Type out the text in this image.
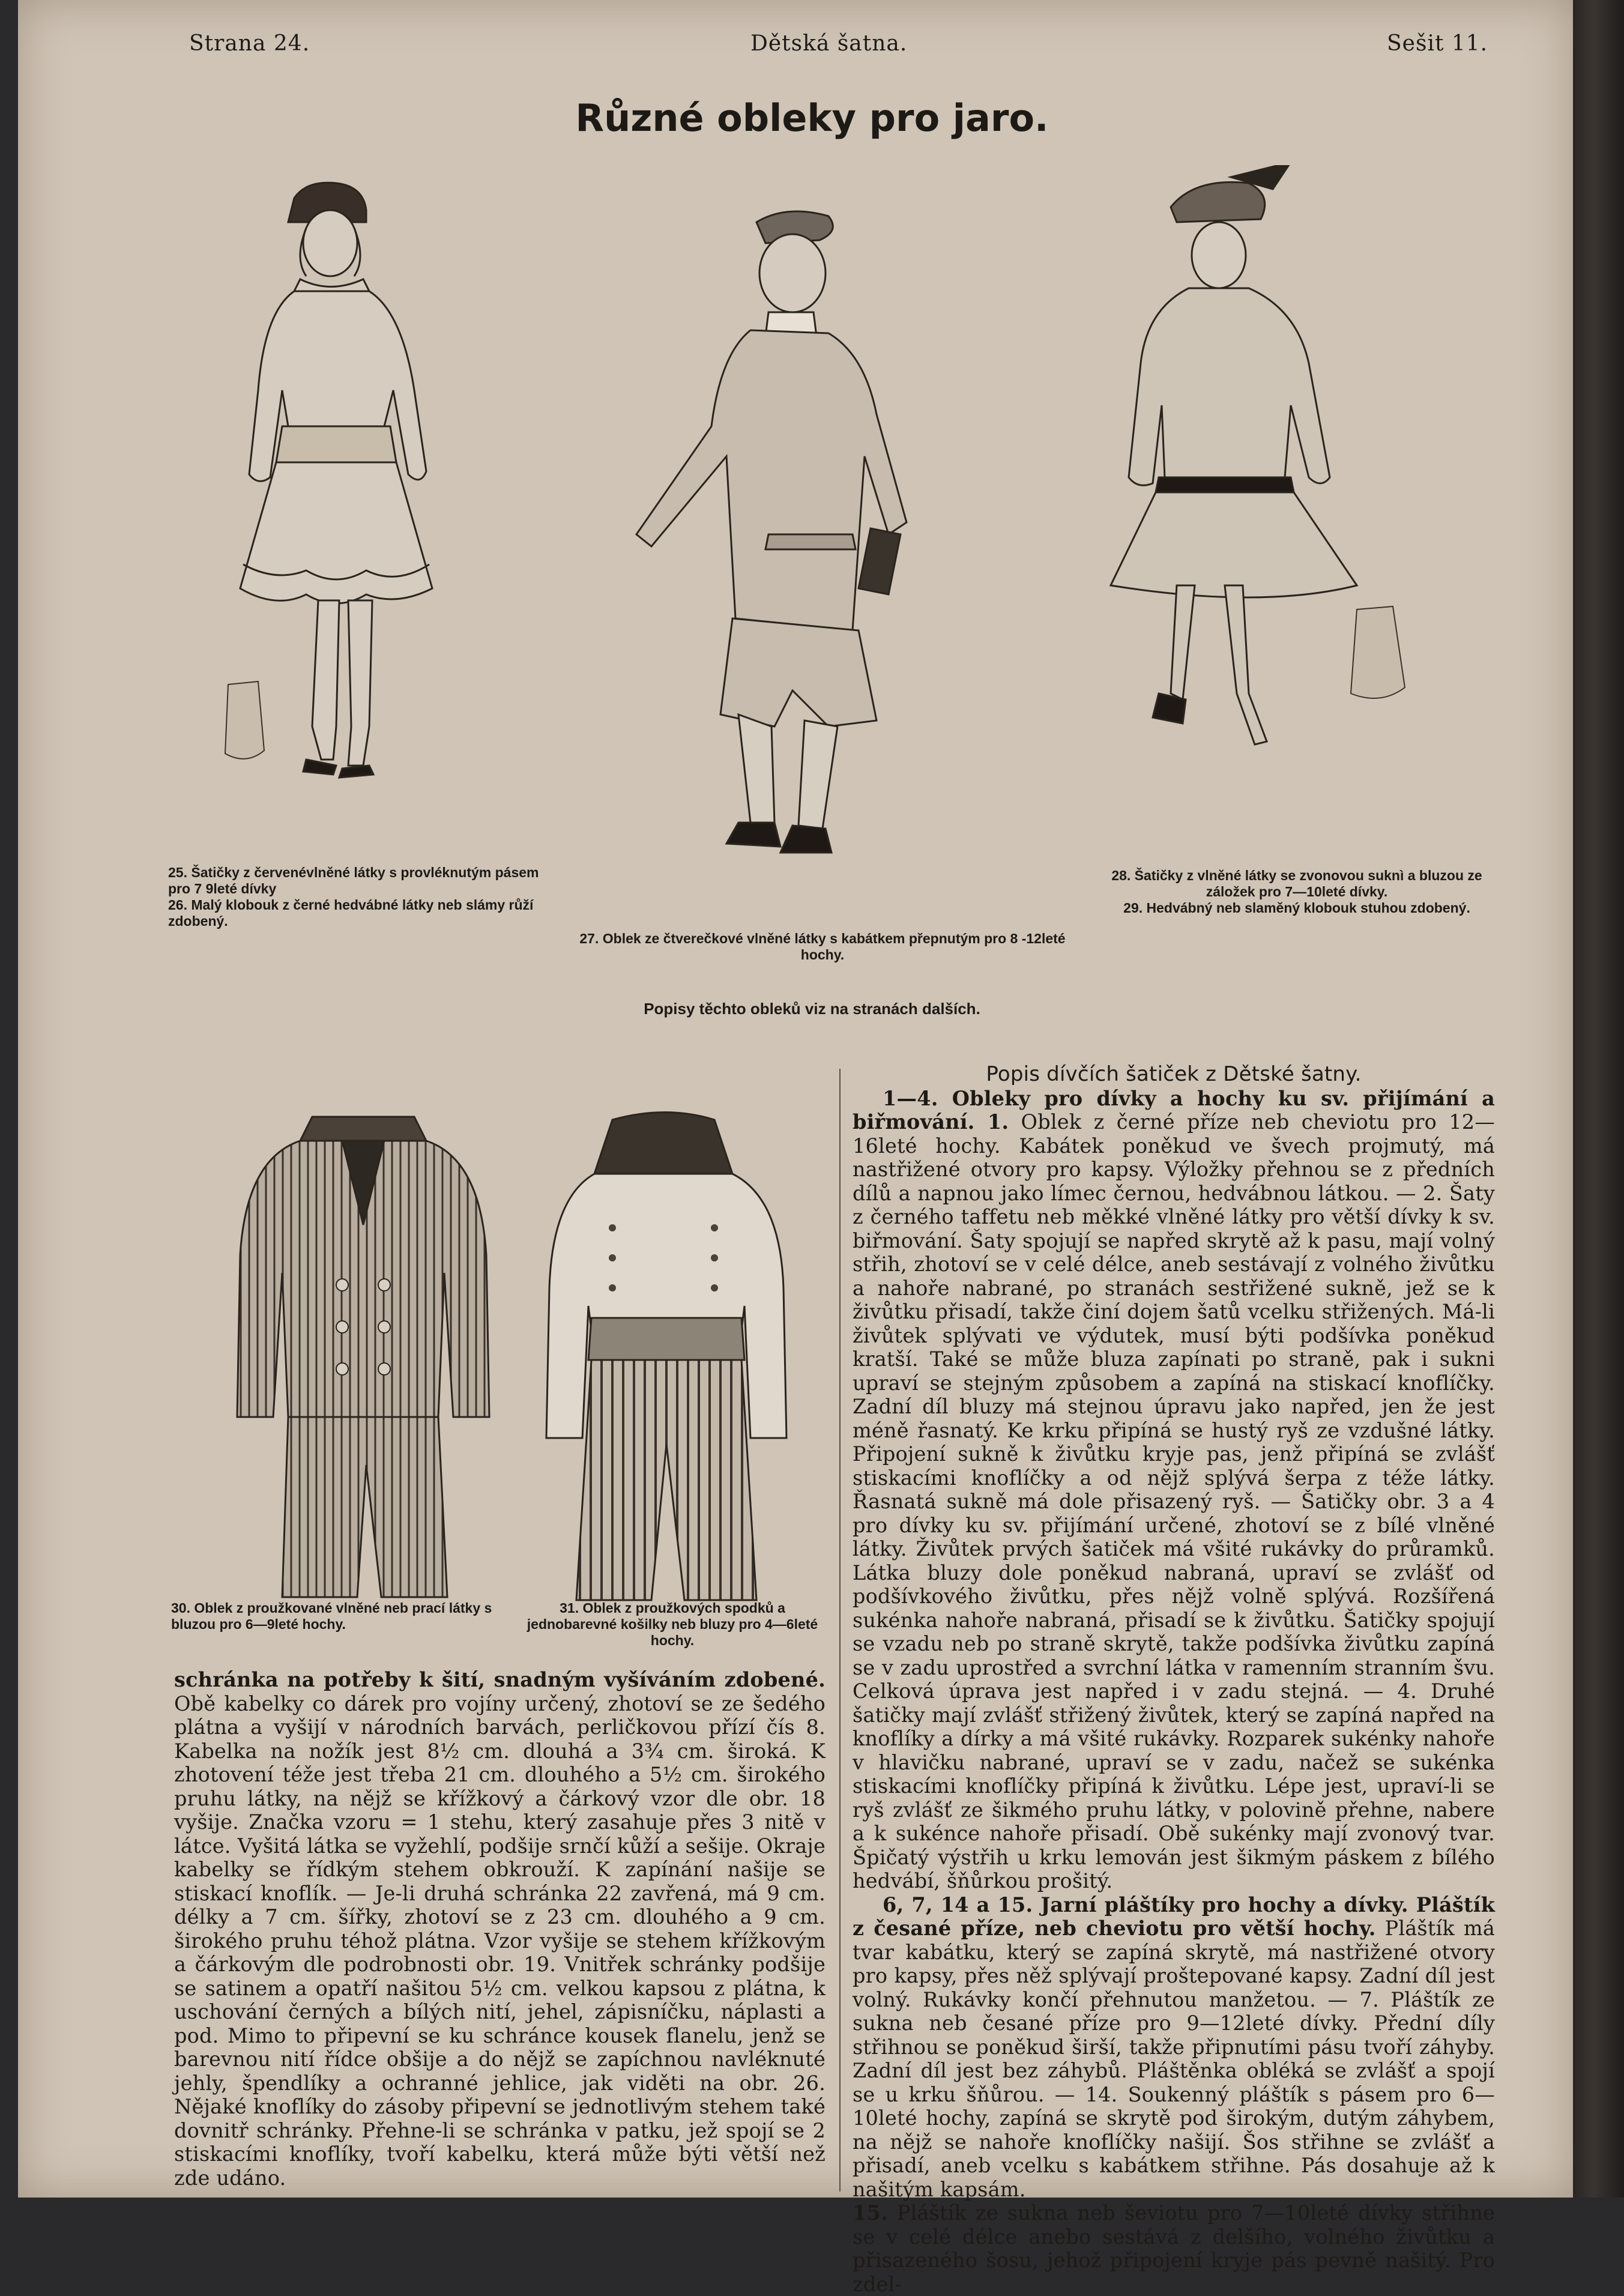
Strana 24.	Dětská šatna.	Sešit 11.
Různé obleky pro jaro.

25. Šatičky z červenévlněné látky s provléknutým pásem pro 7 9leté dívky

26. Malý klobouk z černé hedvábné látky neb slámy růží zdobený.

27. Oblek ze čtverečkové vlněné látky s kabátkem přepnutým pro 8 -12leté hochy.

28. Šatičky z vlněné látky se zvonovou suknì a bluzou ze záložek pro 7—10leté dívky.

29. Hedvábný neb slaměný klobouk stuhou zdobený.

Popisy těchto obleků viz na stranách dalších.
30. Oblek z proužkované vlněné neb prací látky s bluzou pro 6—9leté hochy.
31. Oblek z proužkových spodků a jednobarevné košilky neb bluzy pro 4—6leté hochy.

schránka na potřeby k šití, snadným vyšíváním zdobené. Obě kabelky co dárek pro vojíny určený, zhotoví se ze šedého plátna a vyšijí v národních barvách, perličkovou přízí čís 8. Kabelka na nožík jest 8½ cm. dlouhá a 3¾ cm. široká. K zhotovení téže jest třeba 21 cm. dlouhého a 5½ cm. širokého pruhu látky, na nějž se křížkový a čárkový vzor dle obr. 18 vyšije. Značka vzoru = 1 stehu, který zasahuje přes 3 nitě v látce. Vyšitá látka se vyžehlí, podšije srnčí kůží a sešije. Okraje kabelky se řídkým stehem obkrouží. K zapínání našije se stiskací knoflík. — Je-li druhá schránka 22 zavřená, má 9 cm. délky a 7 cm. šířky, zhotoví se z 23 cm. dlouhého a 9 cm. širokého pruhu téhož plátna. Vzor vyšije se stehem křížkovým a čárkovým dle podrobnosti obr. 19. Vnitřek schránky podšije se satinem a opatří našitou 5½ cm. velkou kapsou z plátna, k uschování černých a bílých nití, jehel, zápisníčku, náplasti a pod. Mimo to připevní se ku schránce kousek flanelu, jenž se barevnou nití řídce obšije a do nějž se zapíchnou navléknuté jehly, špendlíky a ochranné jehlice, jak viděti na obr. 26. Nějaké knoflíky do zásoby připevní se jednotlivým stehem také dovnitř schránky. Přehne-li se schránka v patku, jež spojí se 2 stiskacími knoflíky, tvoří kabelku, která může býti větší než zde udáno.

Popis dívčích šatiček z Dětské šatny.

1—4. Obleky pro dívky a hochy ku sv. přijímání a biřmování. 1. Oblek z černé příze neb cheviotu pro 12—16leté hochy. Kabátek poněkud ve švech projmutý, má nastřižené otvory pro kapsy. Výložky přehnou se z předních dílů a napnou jako límec černou, hedvábnou látkou. — 2. Šaty z černého taffetu neb měkké vlněné látky pro větší dívky k sv. biřmování. Šaty spojují se napřed skrytě až k pasu, mají volný střih, zhotoví se v celé délce, aneb sestávají z volného živůtku a nahoře nabrané, po stranách sestřižené sukně, jež se k živůtku přisadí, takže činí dojem šatů vcelku střižených. Má-li živůtek splývati ve výdutek, musí býti podšívka poněkud kratší. Také se může bluza zapínati po straně, pak i sukni upraví se stejným způsobem a zapíná na stiskací knoflíčky. Zadní díl bluzy má stejnou úpravu jako napřed, jen že jest méně řasnatý. Ke krku připíná se hustý ryš ze vzdušné látky. Připojení sukně k živůtku kryje pas, jenž připíná se zvlášť stiskacími knoflíčky a od nějž splývá šerpa z téže látky. Řasnatá sukně má dole přisazený ryš. — Šatičky obr. 3 a 4 pro dívky ku sv. přijímání určené, zhotoví se z bílé vlněné látky. Živůtek prvých šatiček má všité rukávky do průramků. Látka bluzy dole poněkud nabraná, upraví se zvlášť od podšívkového živůtku, přes nějž volně splývá. Rozšířená sukénka nahoře nabraná, přisadí se k živůtku. Šatičky spojují se vzadu neb po straně skrytě, takže podšívka živůtku zapíná se v zadu uprostřed a svrchní látka v ramenním stranním švu. Celková úprava jest napřed i v zadu stejná. — 4. Druhé šatičky mají zvlášť střižený živůtek, který se zapíná napřed na knoflíky a dírky a má všité rukávky. Rozparek sukénky nahoře v hlavičku nabrané, upraví se v zadu, načež se sukénka stiskacími knoflíčky připíná k živůtku. Lépe jest, upraví-li se ryš zvlášť ze šikmého pruhu látky, v polovině přehne, nabere a k sukénce nahoře přisadí. Obě sukénky mají zvonový tvar. Špičatý výstřih u krku lemován jest šikmým páskem z bílého hedvábí, šňůrkou prošitý.

6, 7, 14 a 15. Jarní pláštíky pro hochy a dívky. Pláštík z česané příze, neb cheviotu pro větší hochy. Pláštík má tvar kabátku, který se zapíná skrytě, má nastřižené otvory pro kapsy, přes něž splývají proštepované kapsy. Zadní díl jest volný. Rukávky končí přehnutou manžetou. — 7. Pláštík ze sukna neb česané příze pro 9—12leté dívky. Přední díly střihnou se poněkud širší, takže připnutími pásu tvoří záhyby. Zadní díl jest bez záhybů. Pláštěnka obléká se zvlášť a spojí se u krku šňůrou. — 14. Soukenný pláštík s pásem pro 6—10leté hochy, zapíná se skrytě pod širokým, dutým záhybem, na nějž se nahoře knoflíčky našijí. Šos střihne se zvlášť a přisadí, aneb vcelku s kabátkem střihne. Pás dosahuje až k našitým kapsám.

15. Pláštík ze sukna neb ševiotu pro 7—10leté dívky střihne se v celé délce anebo sestává z delšího, volného živůtku a přisazeného šosu, jehož připojení kryje pás pevně našitý. Pro zdel-
